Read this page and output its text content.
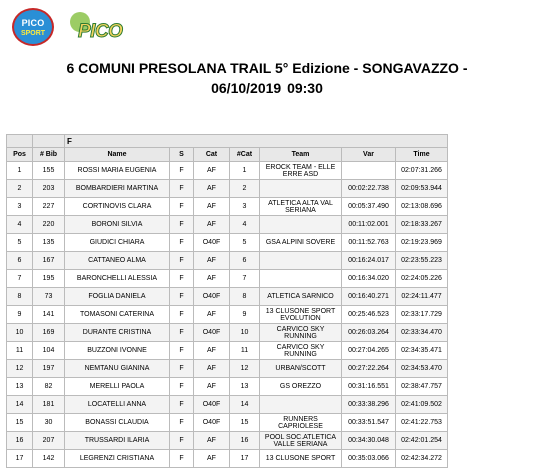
PICO
SPORT	PICO
6 COMUNI PRESOLANA TRAIL 5° Edizione - SONGAVAZZO -
06/10/2019 09:30
		F						
Pos	# Bib	Name	S	Cat	#Cat	Team	Var	Time
1	155	ROSSI MARIA EUGENIA	F	AF	1	EROCK TEAM - ELLE ERRE ASD		02:07:31.266
2	203	BOMBARDIERI MARTINA	F	AF	2		00:02:22.738	02:09:53.944
3	227	CORTINOVIS CLARA	F	AF	3	ATLETICA ALTA VAL SERIANA	00:05:37.490	02:13:08.696
4	220	BORONI SILVIA	F	AF	4		00:11:02.001	02:18:33.267
5	135	GIUDICI CHIARA	F	O40F	5	GSA ALPINI SOVERE	00:11:52.763	02:19:23.969
6	167	CATTANEO ALMA	F	AF	6		00:16:24.017	02:23:55.223
7	195	BARONCHELLI ALESSIA	F	AF	7		00:16:34.020	02:24:05.226
8	73	FOGLIA DANIELA	F	O40F	8	ATLETICA SARNICO	00:16:40.271	02:24:11.477
9	141	TOMASONI CATERINA	F	AF	9	13 CLUSONE SPORT EVOLUTION	00:25:46.523	02:33:17.729
10	169	DURANTE CRISTINA	F	O40F	10	CARVICO SKY RUNNING	00:26:03.264	02:33:34.470
11	104	BUZZONI IVONNE	F	AF	11	CARVICO SKY RUNNING	00:27:04.265	02:34:35.471
12	197	NEMTANU GIANINA	F	AF	12	URBAN/SCOTT	00:27:22.264	02:34:53.470
13	82	MERELLI PAOLA	F	AF	13	GS OREZZO	00:31:16.551	02:38:47.757
14	181	LOCATELLI ANNA	F	O40F	14		00:33:38.296	02:41:09.502
15	30	BONASSI CLAUDIA	F	O40F	15	RUNNERS CAPRIOLESE	00:33:51.547	02:41:22.753
16	207	TRUSSARDI ILARIA	F	AF	16	POOL SOC.ATLETICA VALLE SERIANA	00:34:30.048	02:42:01.254
17	142	LEGRENZI CRISTIANA	F	AF	17	13 CLUSONE SPORT	00:35:03.066	02:42:34.272
